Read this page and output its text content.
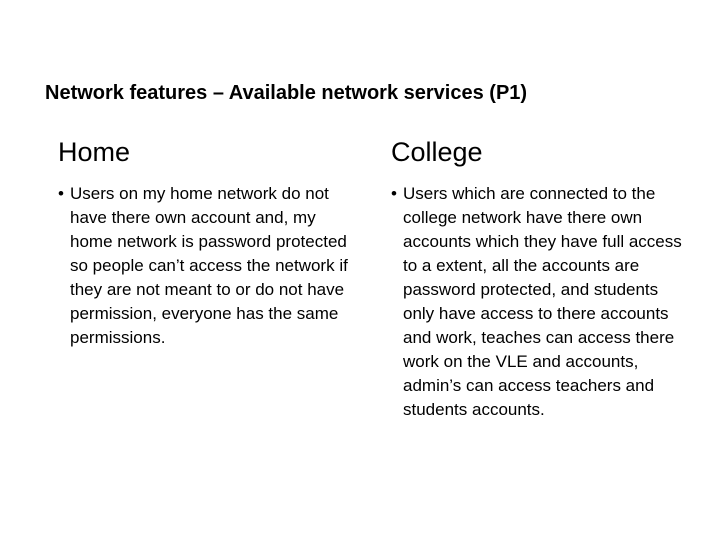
Network features – Available network services (P1)
Home
• Users on my home network do not have there own account and, my home network is password protected so people can’t access the network if they are not meant to or do not have permission, everyone has the same permissions.
College
• Users which are connected to the college network have there own accounts which they have full access to a extent, all the accounts are password protected, and students only have access to there accounts and work, teaches can access there work on the VLE and accounts, admin’s can access teachers and students accounts.
